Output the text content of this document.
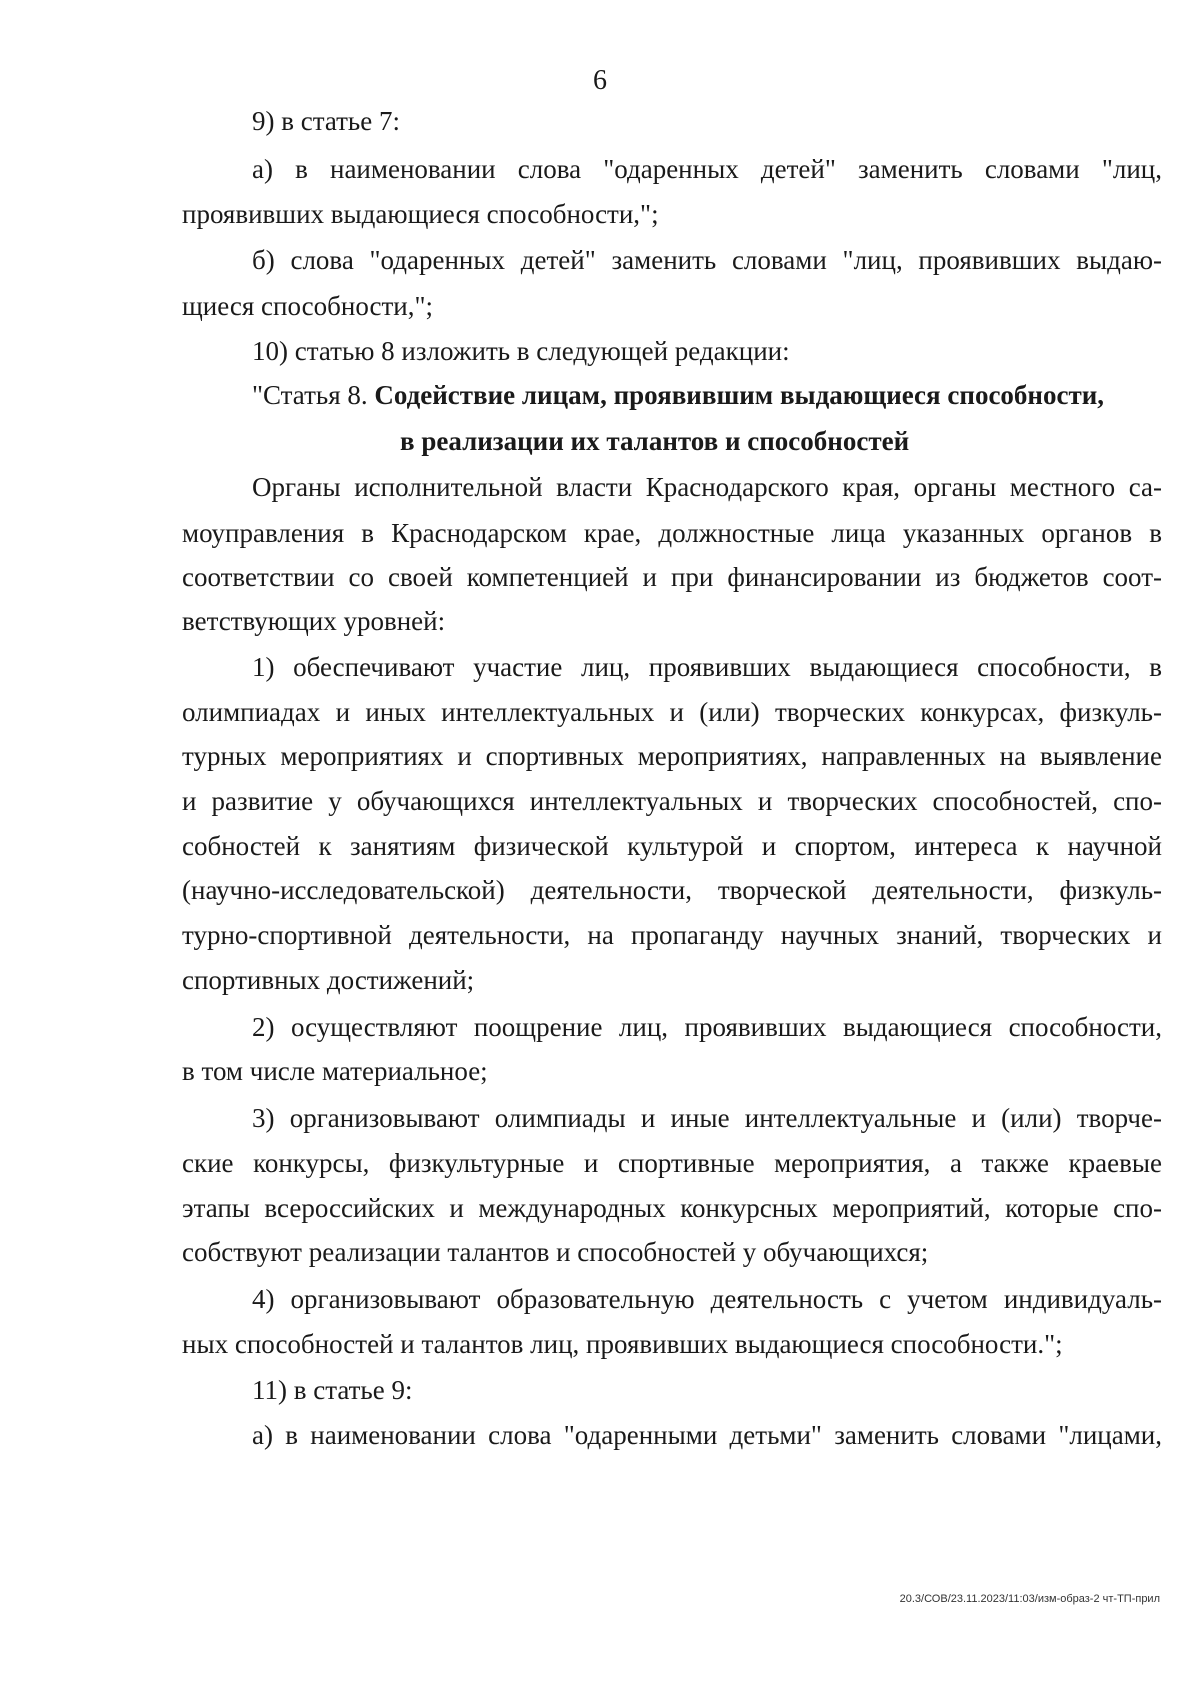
6
9) в статье 7:
а) в наименовании слова "одаренных детей" заменить словами "лиц,
проявивших выдающиеся способности,";
б) слова "одаренных детей" заменить словами "лиц, проявивших выдаю-
щиеся способности,";
10) статью 8 изложить в следующей редакции:
"Статья 8. Содействие лицам, проявившим выдающиеся способности,
в реализации их талантов и способностей
Органы исполнительной власти Краснодарского края, органы местного са-
моуправления в Краснодарском крае, должностные лица указанных органов в
соответствии со своей компетенцией и при финансировании из бюджетов соот-
ветствующих уровней:
1) обеспечивают участие лиц, проявивших выдающиеся способности, в
олимпиадах и иных интеллектуальных и (или) творческих конкурсах, физкуль-
турных мероприятиях и спортивных мероприятиях, направленных на выявление
и развитие у обучающихся интеллектуальных и творческих способностей, спо-
собностей к занятиям физической культурой и спортом, интереса к научной
(научно-исследовательской) деятельности, творческой деятельности, физкуль-
турно-спортивной деятельности, на пропаганду научных знаний, творческих и
спортивных достижений;
2) осуществляют поощрение лиц, проявивших выдающиеся способности,
в том числе материальное;
3) организовывают олимпиады и иные интеллектуальные и (или) творче-
ские конкурсы, физкультурные и спортивные мероприятия, а также краевые
этапы всероссийских и международных конкурсных мероприятий, которые спо-
собствуют реализации талантов и способностей у обучающихся;
4) организовывают образовательную деятельность с учетом индивидуаль-
ных способностей и талантов лиц, проявивших выдающиеся способности.";
11) в статье 9:
а) в наименовании слова "одаренными детьми" заменить словами "лицами,
20.3/СОВ/23.11.2023/11:03/изм-образ-2 чт-ТП-прил
